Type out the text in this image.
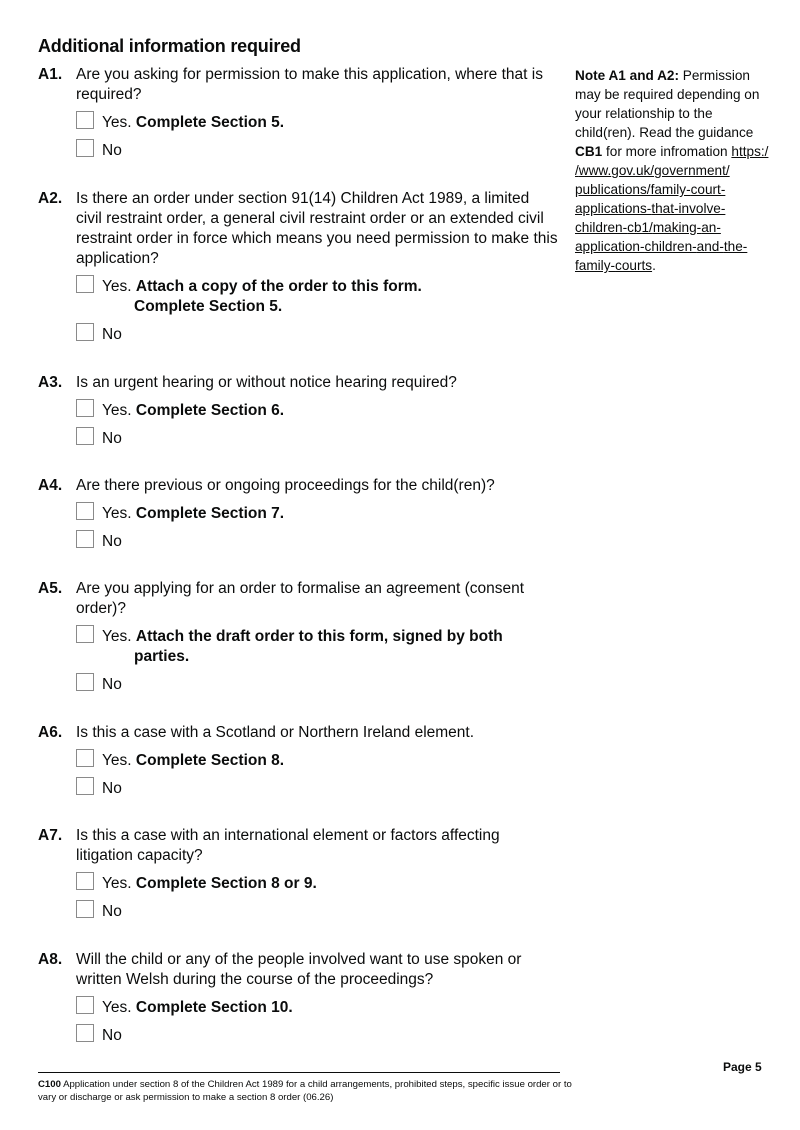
Additional information required
A1. Are you asking for permission to make this application, where that is required?
Yes. Complete Section 5.
No
A2. Is there an order under section 91(14) Children Act 1989, a limited civil restraint order, a general civil restraint order or an extended civil restraint order in force which means you need permission to make this application?
Yes. Attach a copy of the order to this form.
Complete Section 5.
No
A3. Is an urgent hearing or without notice hearing required?
Yes. Complete Section 6.
No
A4. Are there previous or ongoing proceedings for the child(ren)?
Yes. Complete Section 7.
No
A5. Are you applying for an order to formalise an agreement (consent order)?
Yes. Attach the draft order to this form, signed by both
parties.
No
A6. Is this a case with a Scotland or Northern Ireland element.
Yes. Complete Section 8.
No
A7. Is this a case with an international element or factors affecting litigation capacity?
Yes. Complete Section 8 or 9.
No
A8. Will the child or any of the people involved want to use spoken or written Welsh during the course of the proceedings?
Yes. Complete Section 10.
No
Note A1 and A2: Permission may be required depending on your relationship to the child(ren). Read the guidance CB1 for more infromation https://www.gov.uk/government/publications/family-court-applications-that-involve-children-cb1/making-an-application-children-and-the-family-courts.
Page 5
C100 Application under section 8 of the Children Act 1989 for a child arrangements, prohibited steps, specific issue order or to vary or discharge or ask permission to make a section 8 order (06.26)
